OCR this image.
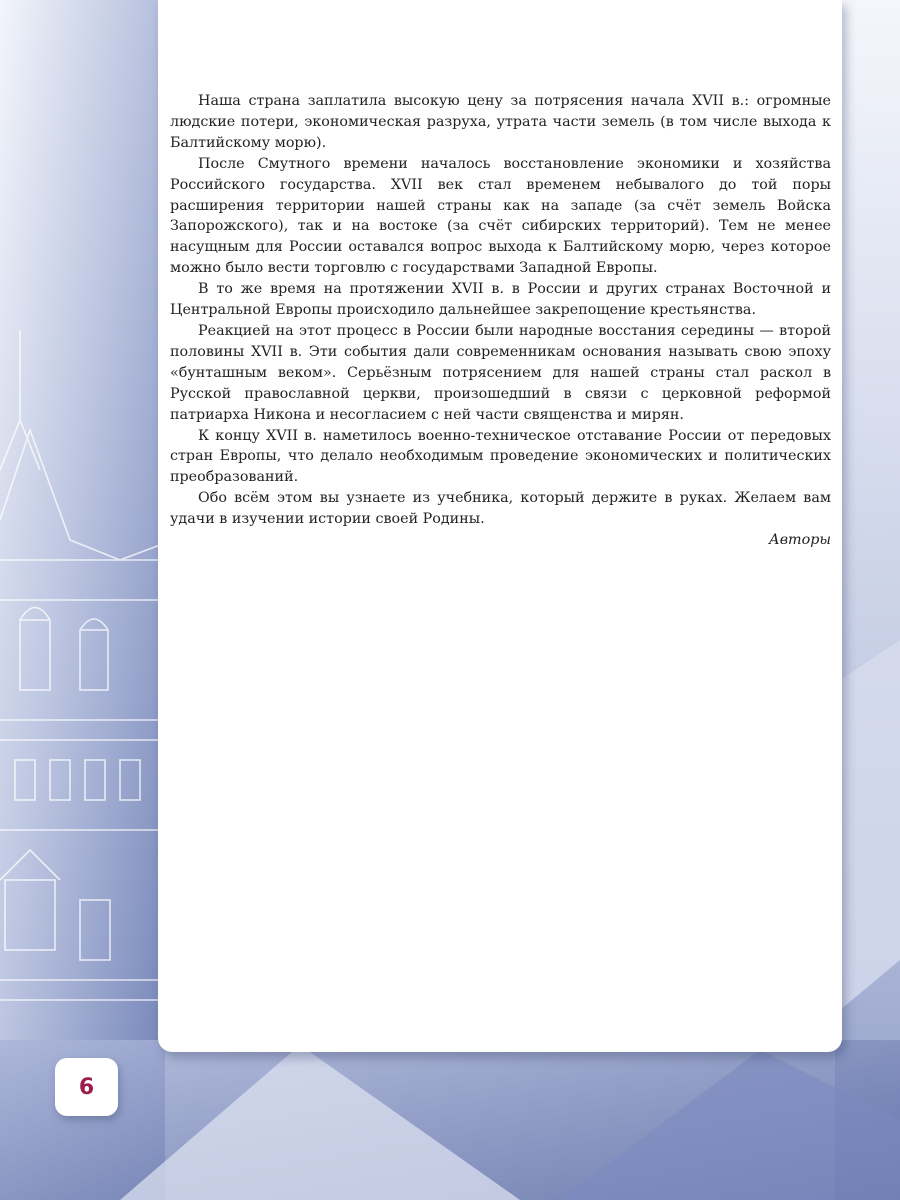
Наша страна заплатила высокую цену за потрясения начала XVII в.: огромные людские потери, экономическая разруха, утрата части земель (в том числе выхода к Балтийскому морю).

После Смутного времени началось восстановление экономики и хозяйства Российского государства. XVII век стал временем небывалого до той поры расширения территории нашей страны как на западе (за счёт земель Войска Запорожского), так и на востоке (за счёт сибирских территорий). Тем не менее насущным для России оставался вопрос выхода к Балтийскому морю, через которое можно было вести торговлю с государствами Западной Европы.

В то же время на протяжении XVII в. в России и других странах Восточной и Центральной Европы происходило дальнейшее закрепощение крестьянства.

Реакцией на этот процесс в России были народные восстания середины — второй половины XVII в. Эти события дали современникам основания называть свою эпоху «бунташным веком». Серьёзным потрясением для нашей страны стал раскол в Русской православной церкви, произошедший в связи с церковной реформой патриарха Никона и несогласием с ней части священства и мирян.

К концу XVII в. наметилось военно-техническое отставание России от передовых стран Европы, что делало необходимым проведение экономических и политических преобразований.

Обо всём этом вы узнаете из учебника, который держите в руках. Желаем вам удачи в изучении истории своей Родины.

Авторы

6
